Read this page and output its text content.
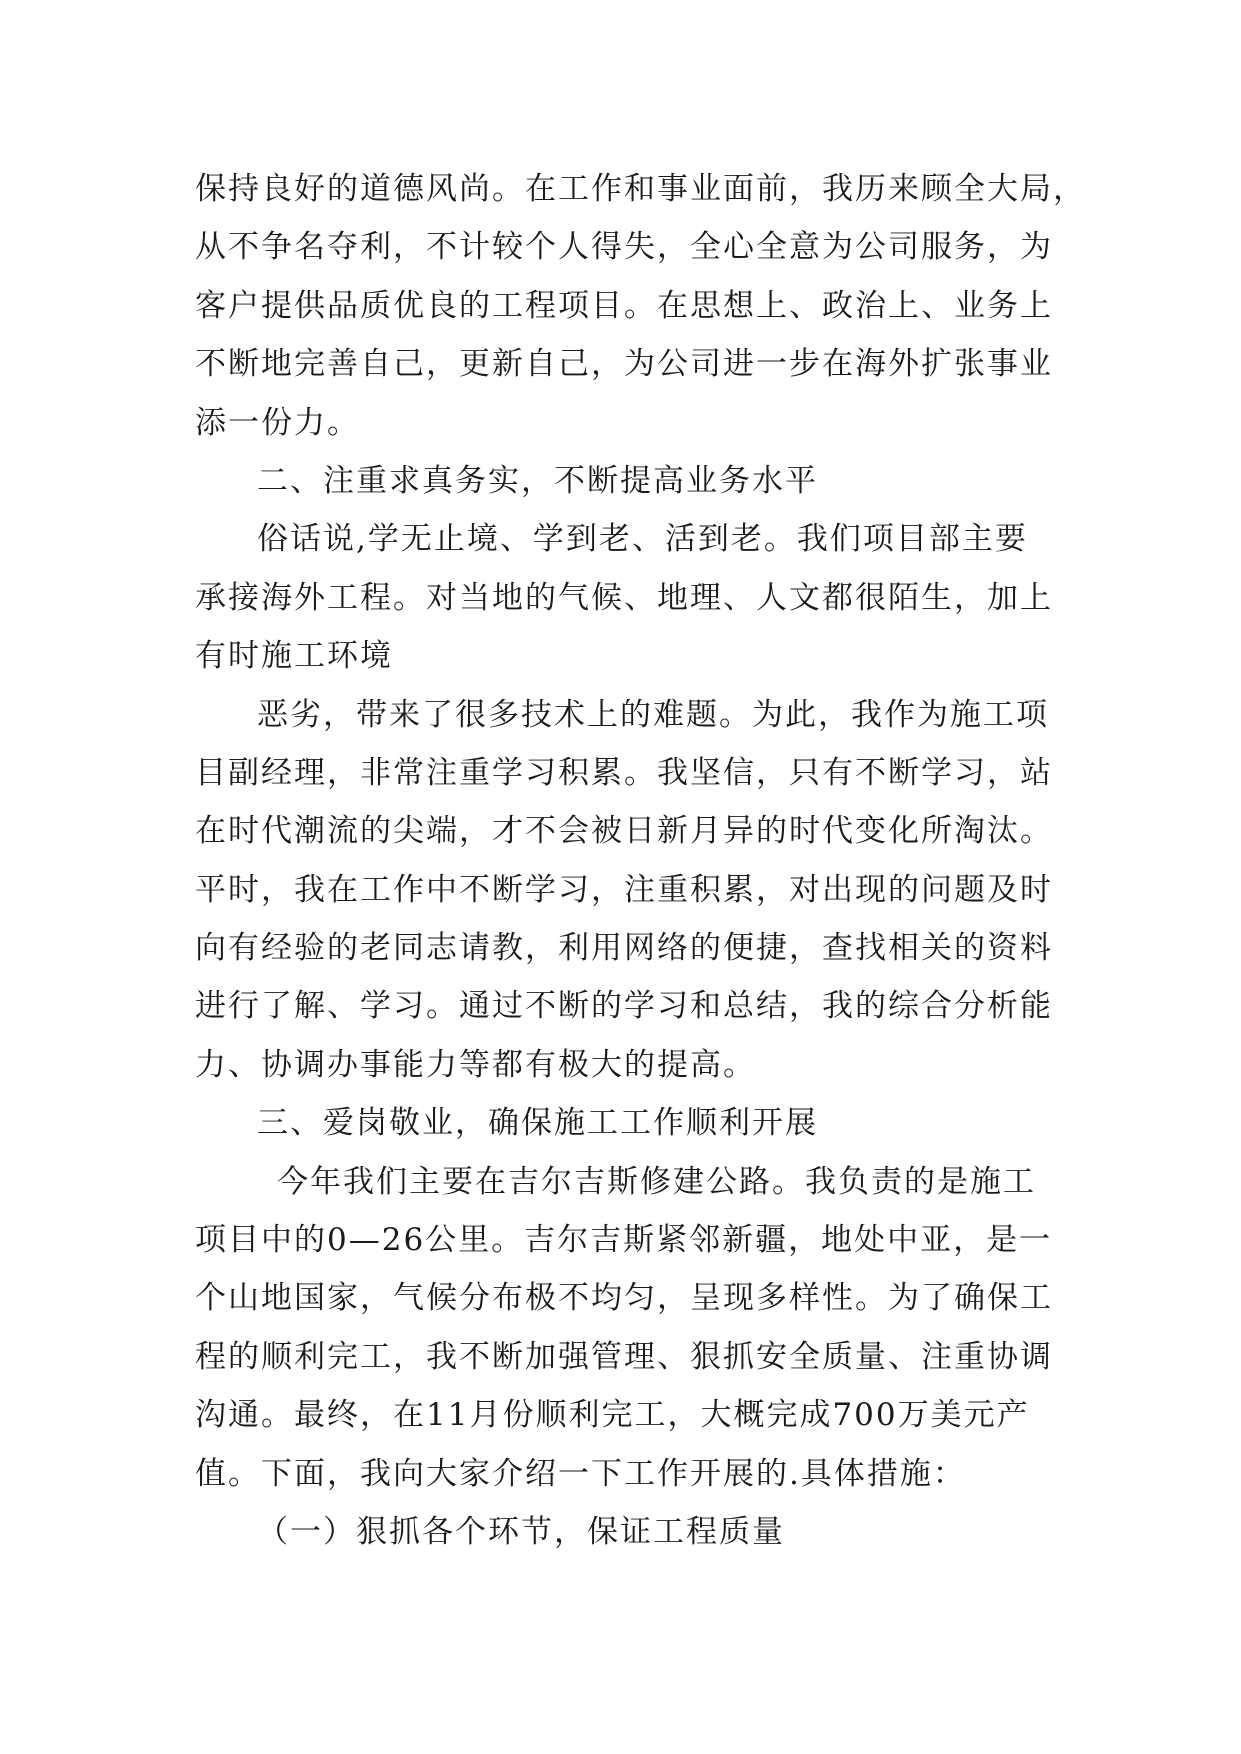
保持良好的道德风尚。在工作和事业面前，我历来顾全大局，
从不争名夺利，不计较个人得失，全心全意为公司服务，为
客户提供品质优良的工程项目。在思想上、政治上、业务上
不断地完善自己，更新自己，为公司进一步在海外扩张事业
添一份力。
二、注重求真务实，不断提高业务水平
俗话说,学无止境、学到老、活到老。我们项目部主要
承接海外工程。对当地的气候、地理、人文都很陌生，加上
有时施工环境
恶劣，带来了很多技术上的难题。为此，我作为施工项
目副经理，非常注重学习积累。我坚信，只有不断学习，站
在时代潮流的尖端，才不会被日新月异的时代变化所淘汰。
平时，我在工作中不断学习，注重积累，对出现的问题及时
向有经验的老同志请教，利用网络的便捷，查找相关的资料
进行了解、学习。通过不断的学习和总结，我的综合分析能
力、协调办事能力等都有极大的提高。
三、爱岗敬业，确保施工工作顺利开展
今年我们主要在吉尔吉斯修建公路。我负责的是施工
项目中的0—26公里。吉尔吉斯紧邻新疆，地处中亚，是一
个山地国家，气候分布极不均匀，呈现多样性。为了确保工
程的顺利完工，我不断加强管理、狠抓安全质量、注重协调
沟通。最终，在11月份顺利完工，大概完成700万美元产
值。下面，我向大家介绍一下工作开展的.具体措施：
（一）狠抓各个环节，保证工程质量
